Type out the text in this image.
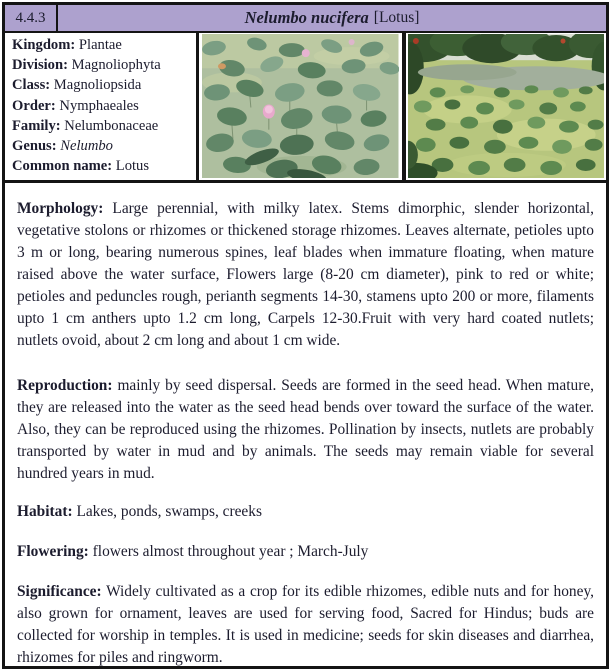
4.4.3	Nelumbo nucifera [Lotus]
Kingdom: Plantae
Division: Magnoliophyta
Class: Magnoliopsida
Order: Nymphaeales
Family: Nelumbonaceae
Genus: Nelumbo
Common name: Lotus

Morphology: Large perennial, with milky latex. Stems dimorphic, slender horizontal, vegetative stolons or rhizomes or thickened storage rhizomes. Leaves alternate, petioles upto 3 m or long, bearing numerous spines, leaf blades when immature floating, when mature raised above the water surface, Flowers large (8-20 cm diameter), pink to red or white; petioles and peduncles rough, perianth segments 14-30, stamens upto 200 or more, filaments upto 1 cm anthers upto 1.2 cm long, Carpels 12-30.Fruit with very hard coated nutlets; nutlets ovoid, about 2 cm long and about 1 cm wide.

Reproduction: mainly by seed dispersal. Seeds are formed in the seed head. When mature, they are released into the water as the seed head bends over toward the surface of the water. Also, they can be reproduced using the rhizomes. Pollination by insects, nutlets are probably transported by water in mud and by animals. The seeds may remain viable for several hundred years in mud.

Habitat: Lakes, ponds, swamps, creeks

Flowering: flowers almost throughout year ; March-July

Significance: Widely cultivated as a crop for its edible rhizomes, edible nuts and for honey, also grown for ornament, leaves are used for serving food, Sacred for Hindus; buds are collected for worship in temples. It is used in medicine; seeds for skin diseases and diarrhea, rhizomes for piles and ringworm.
